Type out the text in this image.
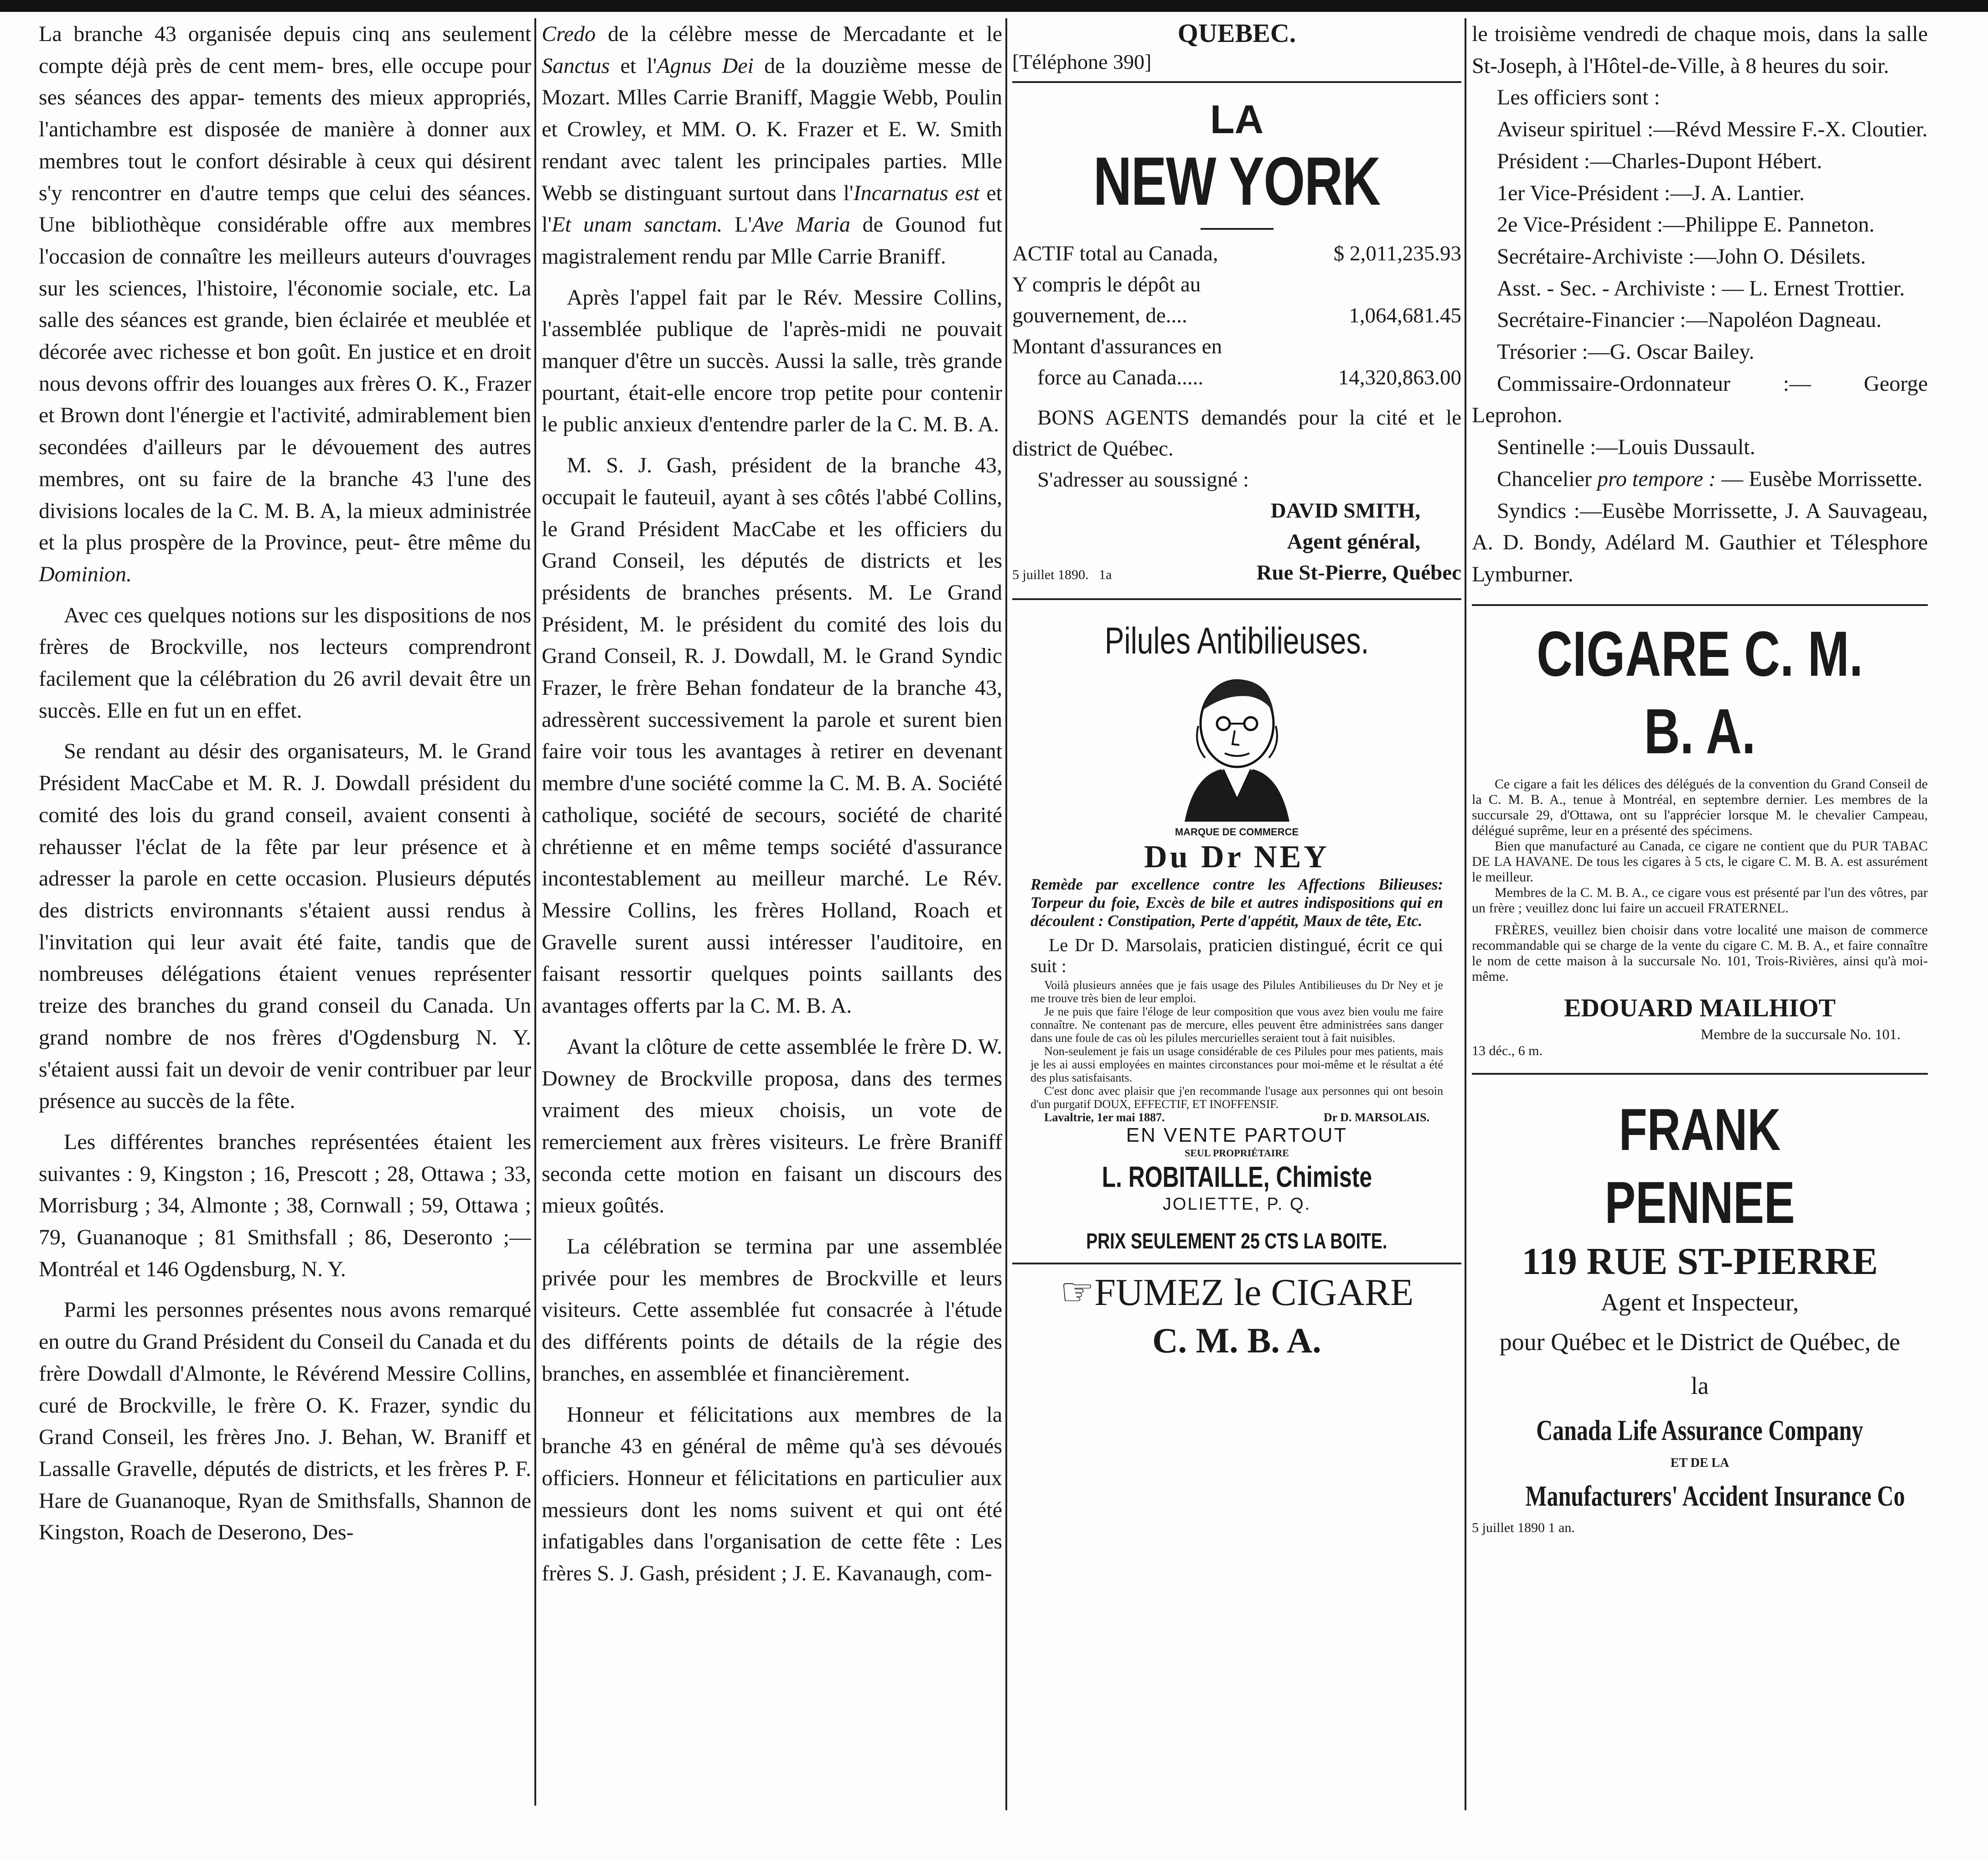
La branche 43 organisée depuis cinq ans seulement compte déjà près de cent mem- bres, elle occupe pour ses séances des appar- tements des mieux appropriés, l'antichambre est disposée de manière à donner aux membres tout le confort désirable à ceux qui désirent s'y rencontrer en d'autre temps que celui des séances. Une bibliothèque considérable offre aux membres l'occasion de connaître les meilleurs auteurs d'ouvrages sur les sciences, l'histoire, l'économie sociale, etc. La salle des séances est grande, bien éclairée et meublée et décorée avec richesse et bon goût. En justice et en droit nous devons offrir des louanges aux frères O. K., Frazer et Brown dont l'énergie et l'activité, admirablement bien secondées d'ailleurs par le dévouement des autres membres, ont su faire de la branche 43 l'une des divisions locales de la C. M. B. A, la mieux administrée et la plus prospère de la Province, peut- être même du Dominion.

Avec ces quelques notions sur les dispositions de nos frères de Brockville, nos lecteurs comprendront facilement que la célébration du 26 avril devait être un succès. Elle en fut un en effet.

Se rendant au désir des organisateurs, M. le Grand Président MacCabe et M. R. J. Dowdall président du comité des lois du grand conseil, avaient consenti à rehausser l'éclat de la fête par leur présence et à adresser la parole en cette occasion. Plusieurs députés des districts environnants s'étaient aussi rendus à l'invitation qui leur avait été faite, tandis que de nombreuses délégations étaient venues représenter treize des branches du grand conseil du Canada. Un grand nombre de nos frères d'Ogdensburg N. Y. s'étaient aussi fait un devoir de venir contribuer par leur présence au succès de la fête.

Les différentes branches représentées étaient les suivantes : 9, Kingston ; 16, Prescott ; 28, Ottawa ; 33, Morrisburg ; 34, Almonte ; 38, Cornwall ; 59, Ottawa ; 79, Guananoque ; 81 Smithsfall ; 86, Deseronto ;—Montréal et 146 Ogdensburg, N. Y.

Parmi les personnes présentes nous avons remarqué en outre du Grand Président du Conseil du Canada et du frère Dowdall d'Almonte, le Révérend Messire Collins, curé de Brockville, le frère O. K. Frazer, syndic du Grand Conseil, les frères Jno. J. Behan, W. Braniff et Lassalle Gravelle, députés de districts, et les frères P. F. Hare de Guananoque, Ryan de Smithsfalls, Shannon de Kingston, Roach de Deserono, Des-

Credo de la célèbre messe de Mercadante et le Sanctus et l'Agnus Dei de la douzième messe de Mozart. Mlles Carrie Braniff, Maggie Webb, Poulin et Crowley, et MM. O. K. Frazer et E. W. Smith rendant avec talent les principales parties. Mlle Webb se distinguant surtout dans l'Incarnatus est et l'Et unam sanctam. L'Ave Maria de Gounod fut magistralement rendu par Mlle Carrie Braniff.

Après l'appel fait par le Rév. Messire Collins, l'assemblée publique de l'après-midi ne pouvait manquer d'être un succès. Aussi la salle, très grande pourtant, était-elle encore trop petite pour contenir le public anxieux d'entendre parler de la C. M. B. A.

M. S. J. Gash, président de la branche 43, occupait le fauteuil, ayant à ses côtés l'abbé Collins, le Grand Président MacCabe et les officiers du Grand Conseil, les députés de districts et les présidents de branches présents. M. Le Grand Président, M. le président du comité des lois du Grand Conseil, R. J. Dowdall, M. le Grand Syndic Frazer, le frère Behan fondateur de la branche 43, adressèrent successivement la parole et surent bien faire voir tous les avantages à retirer en devenant membre d'une société comme la C. M. B. A. Société catholique, société de secours, société de charité chrétienne et en même temps société d'assurance incontestablement au meilleur marché. Le Rév. Messire Collins, les frères Holland, Roach et Gravelle surent aussi intéresser l'auditoire, en faisant ressortir quelques points saillants des avantages offerts par la C. M. B. A.

Avant la clôture de cette assemblée le frère D. W. Downey de Brockville proposa, dans des termes vraiment des mieux choisis, un vote de remerciement aux frères visiteurs. Le frère Braniff seconda cette motion en faisant un discours des mieux goûtés.

La célébration se termina par une assemblée privée pour les membres de Brockville et leurs visiteurs. Cette assemblée fut consacrée à l'étude des différents points de détails de la régie des branches, en assemblée et financièrement.

Honneur et félicitations aux membres de la branche 43 en général de même qu'à ses dévoués officiers. Honneur et félicitations en particulier aux messieurs dont les noms suivent et qui ont été infatigables dans l'organisation de cette fête : Les frères S. J. Gash, président ; J. E. Kavanaugh, com-

QUEBEC.
[Téléphone 390]
LA
NEW YORK
ACTIF total au Canada,	$ 2,011,235.93
Y compris le dépôt au
gouvernement, de....	1,064,681.45
Montant d'assurances en
force au Canada.....	14,320,863.00

BONS AGENTS demandés pour la cité et le district de Québec.

S'adresser au soussigné :

DAVID SMITH,
Agent général,
5 juillet 1890. 1a	Rue St-Pierre, Québec
Pilules Antibilieuses.
MARQUE DE COMMERCE
Du Dr NEY
Remède par excellence contre les Affections Bilieuses: Torpeur du foie, Excès de bile et autres indispositions qui en découlent : Constipation, Perte d'appétit, Maux de tête, Etc.
Le Dr D. Marsolais, praticien distingué, écrit ce qui suit :
Voilà plusieurs années que je fais usage des Pilules Antibilieuses du Dr Ney et je me trouve très bien de leur emploi.
Je ne puis que faire l'éloge de leur composition que vous avez bien voulu me faire connaître. Ne contenant pas de mercure, elles peuvent être administrées sans danger dans une foule de cas où les pilules mercurielles seraient tout à fait nuisibles.
Non-seulement je fais un usage considérable de ces Pilules pour mes patients, mais je les ai aussi employées en maintes circonstances pour moi-même et le résultat a été des plus satisfaisants.
C'est donc avec plaisir que j'en recommande l'usage aux personnes qui ont besoin d'un purgatif DOUX, EFFECTIF, ET INOFFENSIF.
Lavaltrie, 1er mai 1887.	Dr D. MARSOLAIS.
EN VENTE PARTOUT
SEUL PROPRIÉTAIRE
L. ROBITAILLE, Chimiste
JOLIETTE, P. Q.
PRIX SEULEMENT 25 CTS LA BOITE.
☞FUMEZ le CIGARE
C. M. B. A.

le troisième vendredi de chaque mois, dans la salle St-Joseph, à l'Hôtel-de-Ville, à 8 heures du soir.

Les officiers sont :

Aviseur spirituel :—Révd Messire F.-X. Cloutier.

Président :—Charles-Dupont Hébert.

1er Vice-Président :—J. A. Lantier.

2e Vice-Président :—Philippe E. Panneton.

Secrétaire-Archiviste :—John O. Désilets.

Asst. - Sec. - Archiviste : — L. Ernest Trottier.

Secrétaire-Financier :—Napoléon Dagneau.

Trésorier :—G. Oscar Bailey.

Commissaire-Ordonnateur :— George Leprohon.

Sentinelle :—Louis Dussault.

Chancelier pro tempore : — Eusèbe Morrissette.

Syndics :—Eusèbe Morrissette, J. A Sauvageau, A. D. Bondy, Adélard M. Gauthier et Télesphore Lymburner.

CIGARE C. M. B. A.
Ce cigare a fait les délices des délégués de la convention du Grand Conseil de la C. M. B. A., tenue à Montréal, en septembre dernier. Les membres de la succursale 29, d'Ottawa, ont su l'apprécier lorsque M. le chevalier Campeau, délégué suprême, leur en a présenté des spécimens.
Bien que manufacturé au Canada, ce cigare ne contient que du PUR TABAC DE LA HAVANE. De tous les cigares à 5 cts, le cigare C. M. B. A. est assurément le meilleur.
Membres de la C. M. B. A., ce cigare vous est présenté par l'un des vôtres, par un frère ; veuillez donc lui faire un accueil FRATERNEL.
FRÈRES, veuillez bien choisir dans votre localité une maison de commerce recommandable qui se charge de la vente du cigare C. M. B. A., et faire connaître le nom de cette maison à la succursale No. 101, Trois-Rivières, ainsi qu'à moi-même.
EDOUARD MAILHIOT
Membre de la succursale No. 101.
13 déc., 6 m.
FRANK PENNEE
119 RUE ST-PIERRE
Agent et Inspecteur,
pour Québec et le District de Québec, de la
Canada Life Assurance Company
ET DE LA
Manufacturers' Accident Insurance Co
5 juillet 1890 1 an.
